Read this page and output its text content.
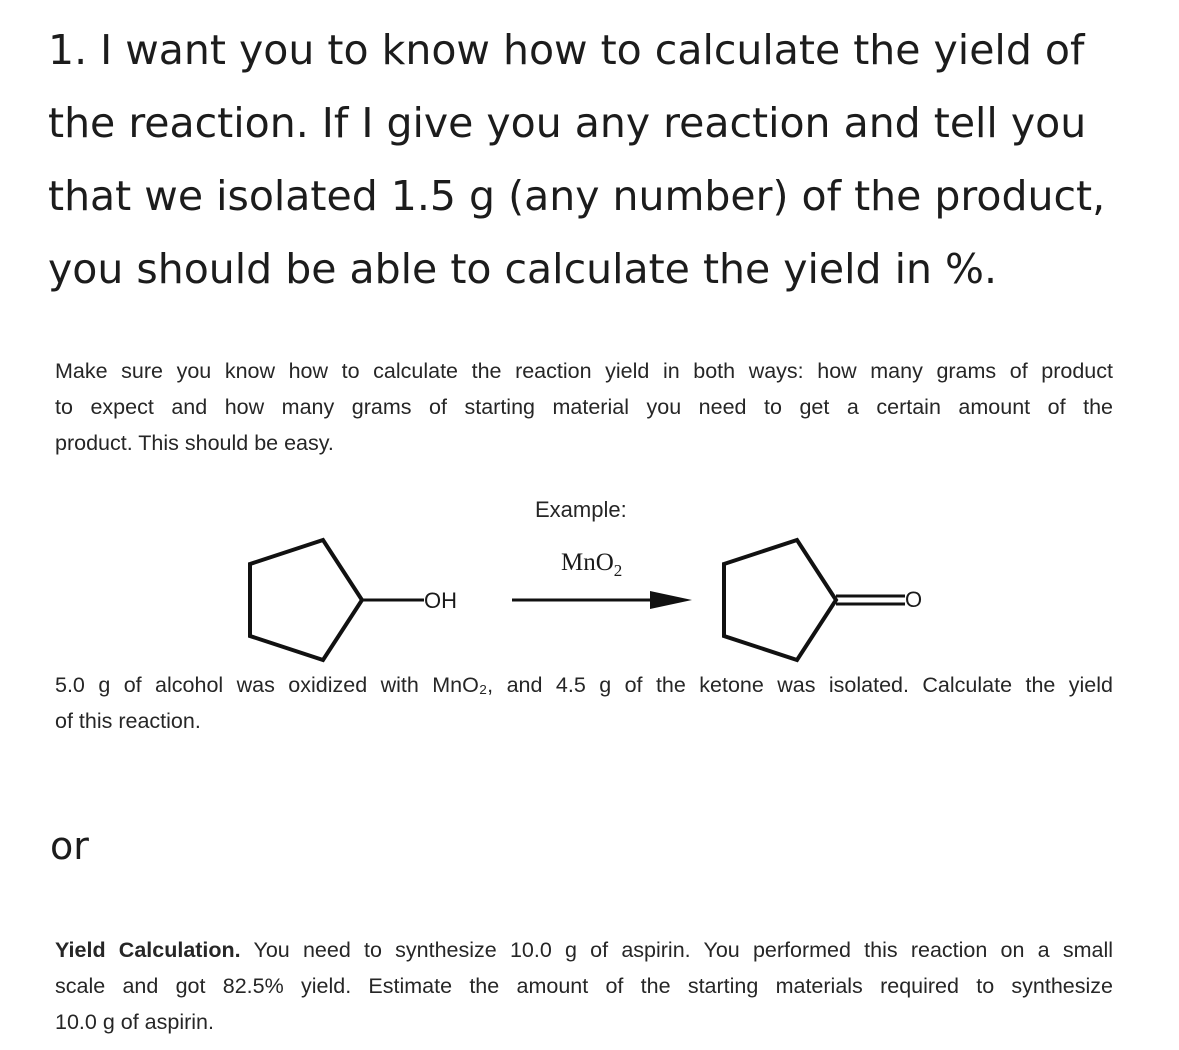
1. I want you to know how to calculate the yield of
the reaction. If I give you any reaction and tell you
that we isolated 1.5 g (any number) of the product,
you should be able to calculate the yield in %.
Make sure you know how to calculate the reaction yield in both ways: how many grams of product
to expect and how many grams of starting material you need to get a certain amount of the
product. This should be easy.
Example:
MnO$_2$
OH	O
5.0 g of alcohol was oxidized with MnO₂, and 4.5 g of the ketone was isolated. Calculate the yield
of this reaction.
or
Yield Calculation. You need to synthesize 10.0 g of aspirin. You performed this reaction on a small
scale and got 82.5% yield. Estimate the amount of the starting materials required to synthesize
10.0 g of aspirin.
